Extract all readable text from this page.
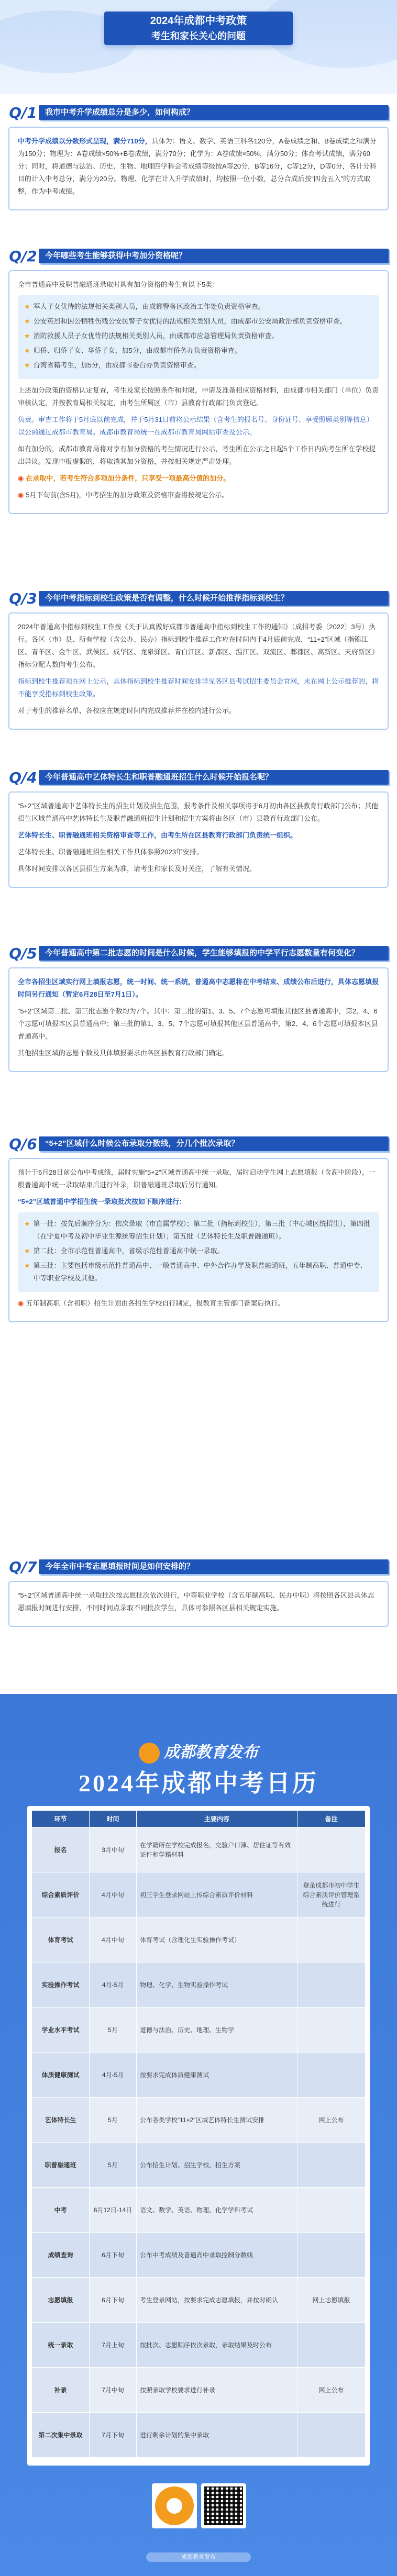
2024年成都中考政策
考生和家长关心的问题
Q/1	我市中考升学成绩总分是多少，如何构成？

中考升学成绩以分数形式呈现，满分710分，具体为：语文、数学、英语三科各120分，A卷成绩之和、B卷成绩之和满分为150分；物理为：A卷成绩×50%+B卷成绩，满分70分；化学为：A卷成绩×50%，满分50分；体育考试成绩，满分60分；同时，将道德与法治、历史、生物、地理四学科会考成绩等级按A等20分，B等16分，C等12分，D等0分，各计分科目的计入中考总分，满分为20分。物理、化学在计入升学成绩时，均按照一位小数，总分合成后按“四舍五入”的方式取整，作为中考成绩。

Q/2	今年哪些考生能够获得中考加分资格呢？

全市普通高中及职普融通班录取时具有加分资格的考生有以下5类：

★ 军人子女优待的法规相关类别人员，由成都警备区政治工作处负责资格审查。
★ 公安英烈和因公牺牲伤残公安民警子女优待的法规相关类别人员，由成都市公安局政治部负责资格审查。
★ 消防救援人员子女优待的法规相关类别人员，由成都市应急管理局负责资格审查。
★ 归侨、归侨子女、华侨子女，加5分，由成都市侨务办负责资格审查。
★ 台湾省籍考生，加5分，由成都市委台办负责资格审查。

上述加分政策的资格认定复查，考生及家长按照条件和时限，申请及准备相应资格材料，由成都市相关部门（单位）负责审核认定，并按教育局相关规定，由考生所属区（市）县教育行政部门负责登记。

负责。审查工作将于5月底以前完成，并于5月31日前将公示结果（含考生的报名号、身份证号、享受照顾类别等信息）以公函通过成都市教育局。成都市教育局统一在成都市教育局网站审查及公示。

如有加分的，成都市教育局将对享有加分资格的考生情况进行公示，考生所在公示之日起5个工作日内向考生所在学校提出异议。发现申报虚假的，将取消其加分资格，并按相关规定严肃处理。

◉ 在录取中，若考生符合多项加分条件，只享受一项最高分值的加分。

◉ 5月下旬前(含5月)，中考招生的加分政策及资格审查将按规定公示。

Q/3	今年中考指标到校生政策是否有调整，什么时候开始推荐指标到校生？

2024年普通高中指标到校生工作按《关于认真做好成都市普通高中指标到校生工作的通知》（成招考委〔2022〕3号）执行。各区（市）县、所有学校（含公办、民办）指标到校生推荐工作应在时间内于4月底前完成，“11+2”区域（指锦江区、青羊区、金牛区、武侯区、成华区、龙泉驿区、青白江区、新都区、温江区、双流区、郫都区、高新区、天府新区）指标分配人数向考生公布。

指标到校生推荐须在网上公示，具体指标到校生推荐时间安排详见各区县考试招生委员会官网，未在网上公示推荐的，将不能享受指标到校生政策。

对于考生的推荐名单，各校应在规定时间内完成推荐并在校内进行公示。

Q/4	今年普通高中艺体特长生和职普融通班招生什么时候开始报名呢？

“5+2”区域普通高中艺体特长生的招生计划及招生范围，报考条件及相关事项将于6月初由各区县教育行政部门公布；其他招生区域普通高中艺体特长生及职普融通班招生计划和招生方案将由各区（市）县教育行政部门公布。

艺体特长生、职普融通班相关资格审查等工作，由考生所在区县教育行政部门负责统一组织。

艺体特长生、职普融通班招生相关工作具体参照2023年安排。

具体时间安排以各区县招生方案为准，请考生和家长及时关注，了解有关情况。

Q/5	今年普通高中第二批志愿的时间是什么时候，学生能够填报的中学平行志愿数量有何变化？

全市各招生区域实行网上填报志愿，统一时间、统一系统，普通高中志愿将在中考结束、成绩公布后进行，具体志愿填报时间另行通知（暂定6月28日至7月1日）。

“5+2”区域第二批、第三批志愿个数均为7个。其中：第二批的第1、3、5、7个志愿可填报其他区县普通高中，第2、4、6个志愿可填报本区县普通高中；第三批的第1、3、5、7个志愿可填报其他区县普通高中，第2、4、6个志愿可填报本区县普通高中。

其他招生区域的志愿个数及具体填报要求由各区县教育行政部门确定。

Q/6	“5+2”区域什么时候公布录取分数线，分几个批次录取？

预计于6月28日前公布中考成绩，届时实施“5+2”区域普通高中统一录取，届时启动学生网上志愿填报（含高中阶段），一般普通高中统一录取结束后进行补录，职普融通班录取后另行通知。

“5+2”区域普通中学招生统一录取批次按如下顺序进行：

★ 第一批：按先后顺序分为：依次录取（市直属学校）；第二批（指标到校生），第三批（中心城区统招生），第四批（在宁夏中考及初中毕业生源统筹招生计划）；第五批（艺体特长生及职普融通班）。
★ 第二批：全市示范性普通高中，省级示范性普通高中统一录取。
★ 第三批：主要包括市级示范性普通高中、一般普通高中、中外合作办学及职普融通班，五年制高职、普通中专、中等职业学校及其他。

◉ 五年制高职（含初职）招生计划由各招生学校自行制定，报教育主管部门备案后执行。

Q/7	今年全市中考志愿填报时间是如何安排的？

“5+2”区域普通高中统一录取批次按志愿批次依次进行，中等职业学校（含五年制高职、民办中职）将按照各区县具体志愿填报时间进行安排，不同时间点录取不同批次学生，具体可参照各区县相关规定实施。

成都教育发布
2024年成都中考日历
环节	时间	主要内容	备注
报名	3月中旬	在学籍所在学校完成报名，交验户口簿、居住证等有效证件和学籍材料	
综合素质评价	4月中旬	初三学生登录网站上传综合素质评价材料	登录成都市初中学生综合素质评价管理系统进行
体育考试	4月中旬	体育考试（含理化生实验操作考试）	
实验操作考试	4月-5月	物理、化学、生物实验操作考试	
学业水平考试	5月	道德与法治、历史、地理、生物学	
体质健康测试	4月-5月	按要求完成体质健康测试	
艺体特长生	5月	公布各类学校“11+2”区域艺体特长生测试安排	网上公布
职普融通班	5月	公布招生计划、招生学校、招生方案	
中考	6月12日-14日	语文、数学、英语、物理、化学学科考试	
成绩查询	6月下旬	公布中考成绩及普通高中录取控制分数线	
志愿填报	6月下旬	考生登录网站，按要求完成志愿填报，并按时确认	网上志愿填报
统一录取	7月上旬	按批次、志愿顺序依次录取，录取结果及时公布	
补录	7月中旬	按照录取学校要求进行补录	网上公布
第二次集中录取	7月下旬	进行剩余计划的集中录取	
成都教育发布
